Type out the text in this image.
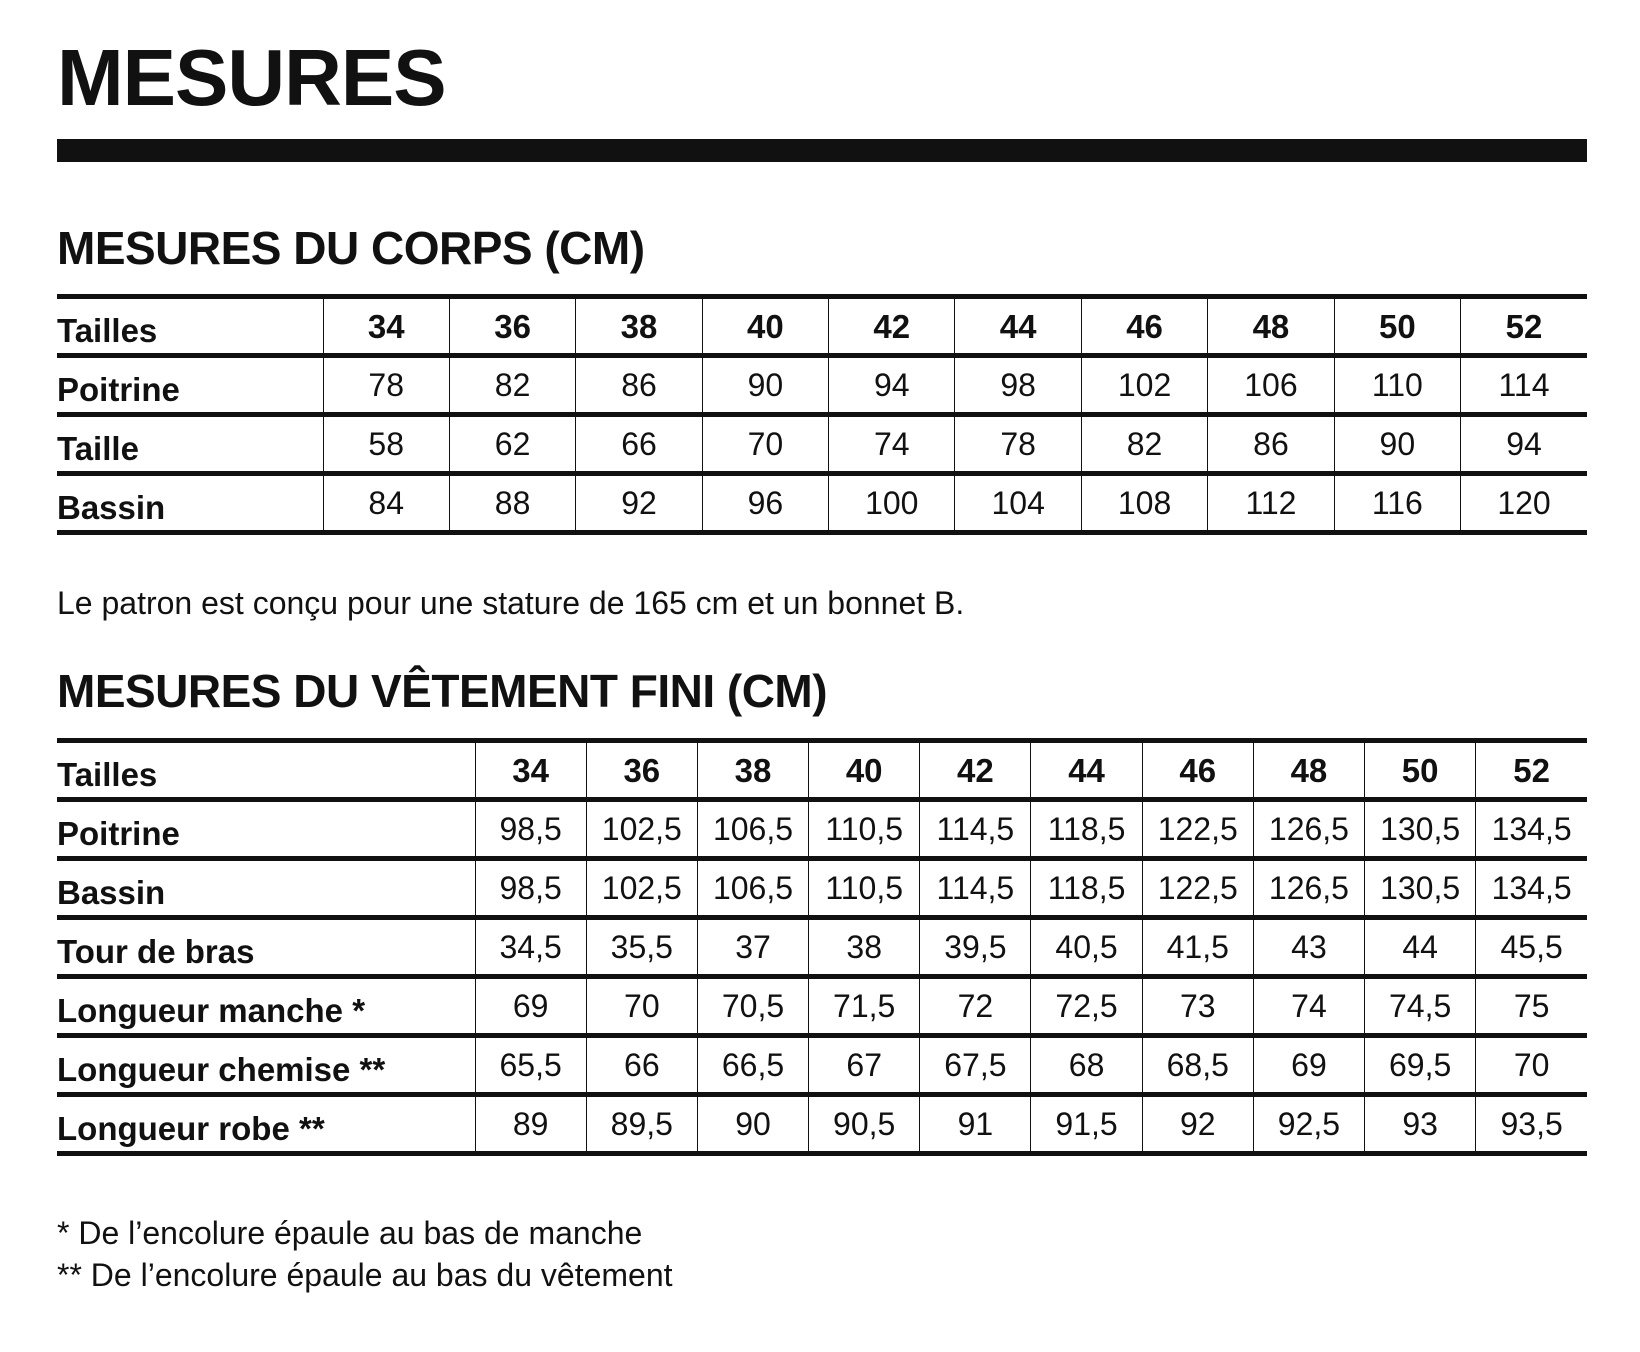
MESURES
MESURES DU CORPS (CM)
Tailles	34	36	38	40	42	44	46	48	50	52
Poitrine	78	82	86	90	94	98	102	106	110	114
Taille	58	62	66	70	74	78	82	86	90	94
Bassin	84	88	92	96	100	104	108	112	116	120

Le patron est conçu pour une stature de 165 cm et un bonnet B.

MESURES DU VÊTEMENT FINI (CM)
Tailles	34	36	38	40	42	44	46	48	50	52
Poitrine	98,5	102,5	106,5	110,5	114,5	118,5	122,5	126,5	130,5	134,5
Bassin	98,5	102,5	106,5	110,5	114,5	118,5	122,5	126,5	130,5	134,5
Tour de bras	34,5	35,5	37	38	39,5	40,5	41,5	43	44	45,5
Longueur manche *	69	70	70,5	71,5	72	72,5	73	74	74,5	75
Longueur chemise **	65,5	66	66,5	67	67,5	68	68,5	69	69,5	70
Longueur robe **	89	89,5	90	90,5	91	91,5	92	92,5	93	93,5

* De l’encolure épaule au bas de manche

** De l’encolure épaule au bas du vêtement
